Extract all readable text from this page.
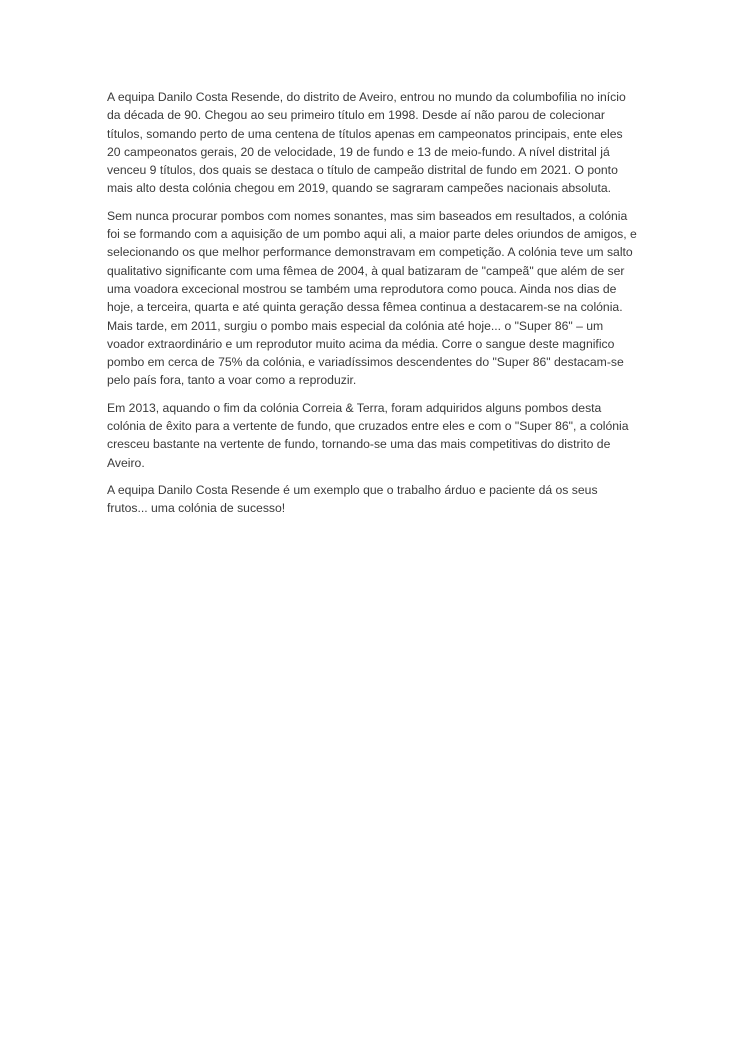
A equipa Danilo Costa Resende, do distrito de Aveiro, entrou no mundo da columbofilia no início da década de 90. Chegou ao seu primeiro título em 1998. Desde aí não parou de colecionar títulos, somando perto de uma centena de títulos apenas em campeonatos principais, ente eles 20 campeonatos gerais, 20 de velocidade, 19 de fundo e 13 de meio-fundo. A nível distrital já venceu 9 títulos, dos quais se destaca o título de campeão distrital de fundo em 2021. O ponto mais alto desta colónia chegou em 2019, quando se sagraram campeões nacionais absoluta.

Sem nunca procurar pombos com nomes sonantes, mas sim baseados em resultados, a colónia foi se formando com a aquisição de um pombo aqui ali, a maior parte deles oriundos de amigos, e selecionando os que melhor performance demonstravam em competição. A colónia teve um salto qualitativo significante com uma fêmea de 2004, à qual batizaram de "campeã" que além de ser uma voadora excecional mostrou se também uma reprodutora como pouca. Ainda nos dias de hoje, a terceira, quarta e até quinta geração dessa fêmea continua a destacarem-se na colónia. Mais tarde, em 2011, surgiu o pombo mais especial da colónia até hoje... o "Super 86" – um voador extraordinário e um reprodutor muito acima da média. Corre o sangue deste magnifico pombo em cerca de 75% da colónia, e variadíssimos descendentes do "Super 86" destacam-se pelo país fora, tanto a voar como a reproduzir.

Em 2013, aquando o fim da colónia Correia & Terra, foram adquiridos alguns pombos desta colónia de êxito para a vertente de fundo, que cruzados entre eles e com o "Super 86", a colónia cresceu bastante na vertente de fundo, tornando-se uma das mais competitivas do distrito de Aveiro.

A equipa Danilo Costa Resende é um exemplo que o trabalho árduo e paciente dá os seus frutos... uma colónia de sucesso!
